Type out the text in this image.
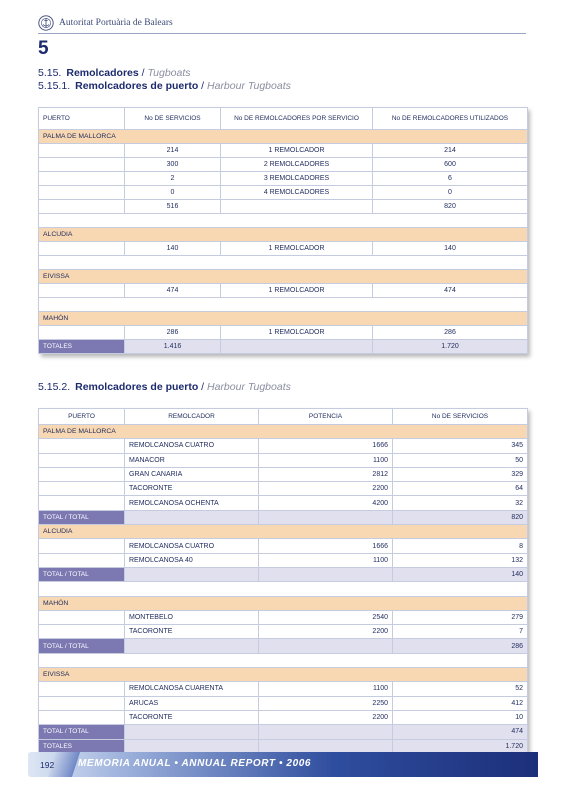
Autoritat Portuària de Balears
5
5.15. Remolcadores / Tugboats
5.15.1. Remolcadores de puerto / Harbour Tugboats
PUERTO	No DE SERVICIOS	No DE REMOLCADORES POR SERVICIO	No DE REMOLCADORES UTILIZADOS
PALMA DE MALLORCA			
	214	1 REMOLCADOR	214
	300	2 REMOLCADORES	600
	2	3 REMOLCADORES	6
	0	4 REMOLCADORES	0
	516		820

ALCUDIA			
	140	1 REMOLCADOR	140

EIVISSA			
	474	1 REMOLCADOR	474

MAHÓN			
	286	1 REMOLCADOR	286
TOTALES	1.416		1.720
5.15.2. Remolcadores de puerto / Harbour Tugboats
PUERTO	REMOLCADOR	POTENCIA	No DE SERVICIOS
PALMA DE MALLORCA			
	REMOLCANOSA CUATRO	1666	345
	MANACOR	1100	50
	GRAN CANARIA	2812	329
	TACORONTE	2200	64
	REMOLCANOSA OCHENTA	4200	32
TOTAL / TOTAL			820
ALCUDIA			
	REMOLCANOSA CUATRO	1666	8
	REMOLCANOSA 40	1100	132
TOTAL / TOTAL			140

MAHÓN			
	MONTEBELO	2540	279
	TACORONTE	2200	7
TOTAL / TOTAL			286

EIVISSA			
	REMOLCANOSA CUARENTA	1100	52
	ARUCAS	2250	412
	TACORONTE	2200	10
TOTAL / TOTAL			474
TOTALES			1.720
192 MEMORIA ANUAL • ANNUAL REPORT • 2006
